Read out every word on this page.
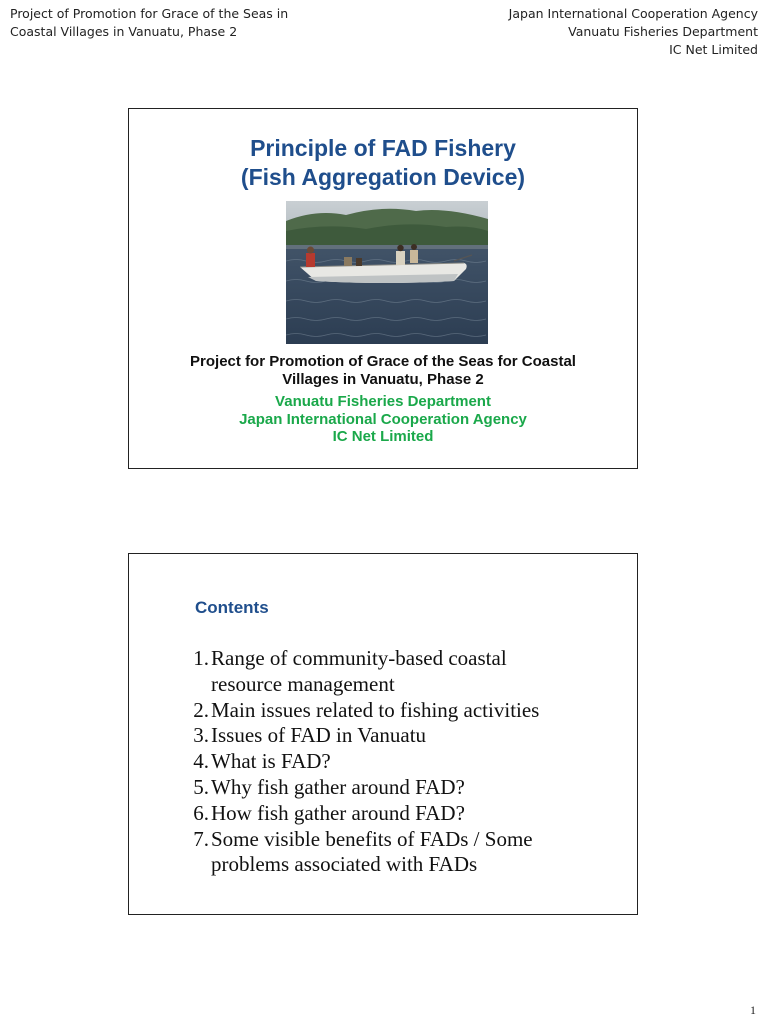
Project of Promotion for Grace of the Seas in
Coastal Villages in Vanuatu, Phase 2
Japan International Cooperation Agency
Vanuatu Fisheries Department
IC Net Limited
Principle of FAD Fishery
(Fish Aggregation Device)
Project for Promotion of Grace of the Seas for Coastal
Villages in Vanuatu, Phase 2
Vanuatu Fisheries Department
Japan International Cooperation Agency
IC Net Limited
Contents
1. Range of community-based coastal
resource management
2. Main issues related to fishing activities
3. Issues of FAD in Vanuatu
4. What is FAD?
5. Why fish gather around FAD?
6. How fish gather around FAD?
7. Some visible benefits of FADs / Some
problems associated with FADs
1
